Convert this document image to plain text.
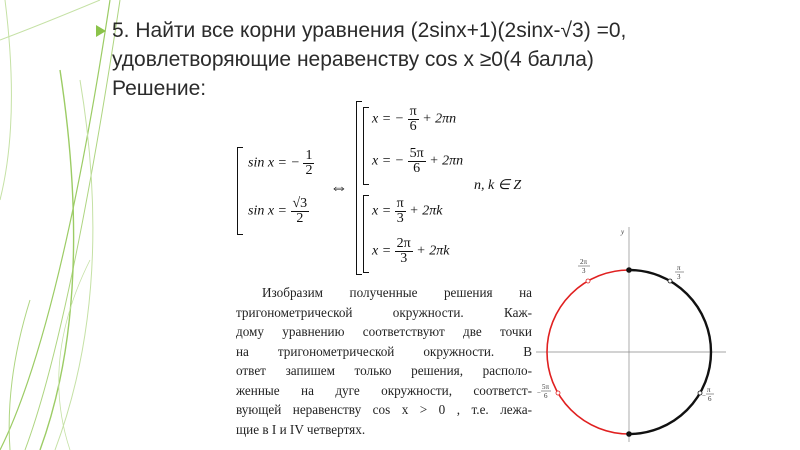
5. Найти все корни уравнения (2sinx+1)(2sinx-√3) =0,
удовлетворяющие неравенству cos x ≥0(4 балла)
Решение:
sin x = − $\frac{1}{2}$
$\sin x = \frac{√3}{2}$
⇔
x = − $\frac{\pi}{6} + 2\pi n$
x = − $\frac{5\pi}{6} + 2\pi n$
n, k ∈ Z
$x = \frac{\pi}{3} + 2\pi k$
$x = \frac{2\pi}{3} + 2\pi k$

Изобразим полученные решения на
тригонометрической окружности. Каж-
дому уравнению соответствуют две точки
на тригонометрической окружности. В
ответ запишем только решения, располо-
женные на дуге окружности, соответст-
вующей неравенству cos x > 0 , т.е. лежа-
щие в I и IV четвертях.

y
2π
3	π
3
−
5π
6	−
π
6
